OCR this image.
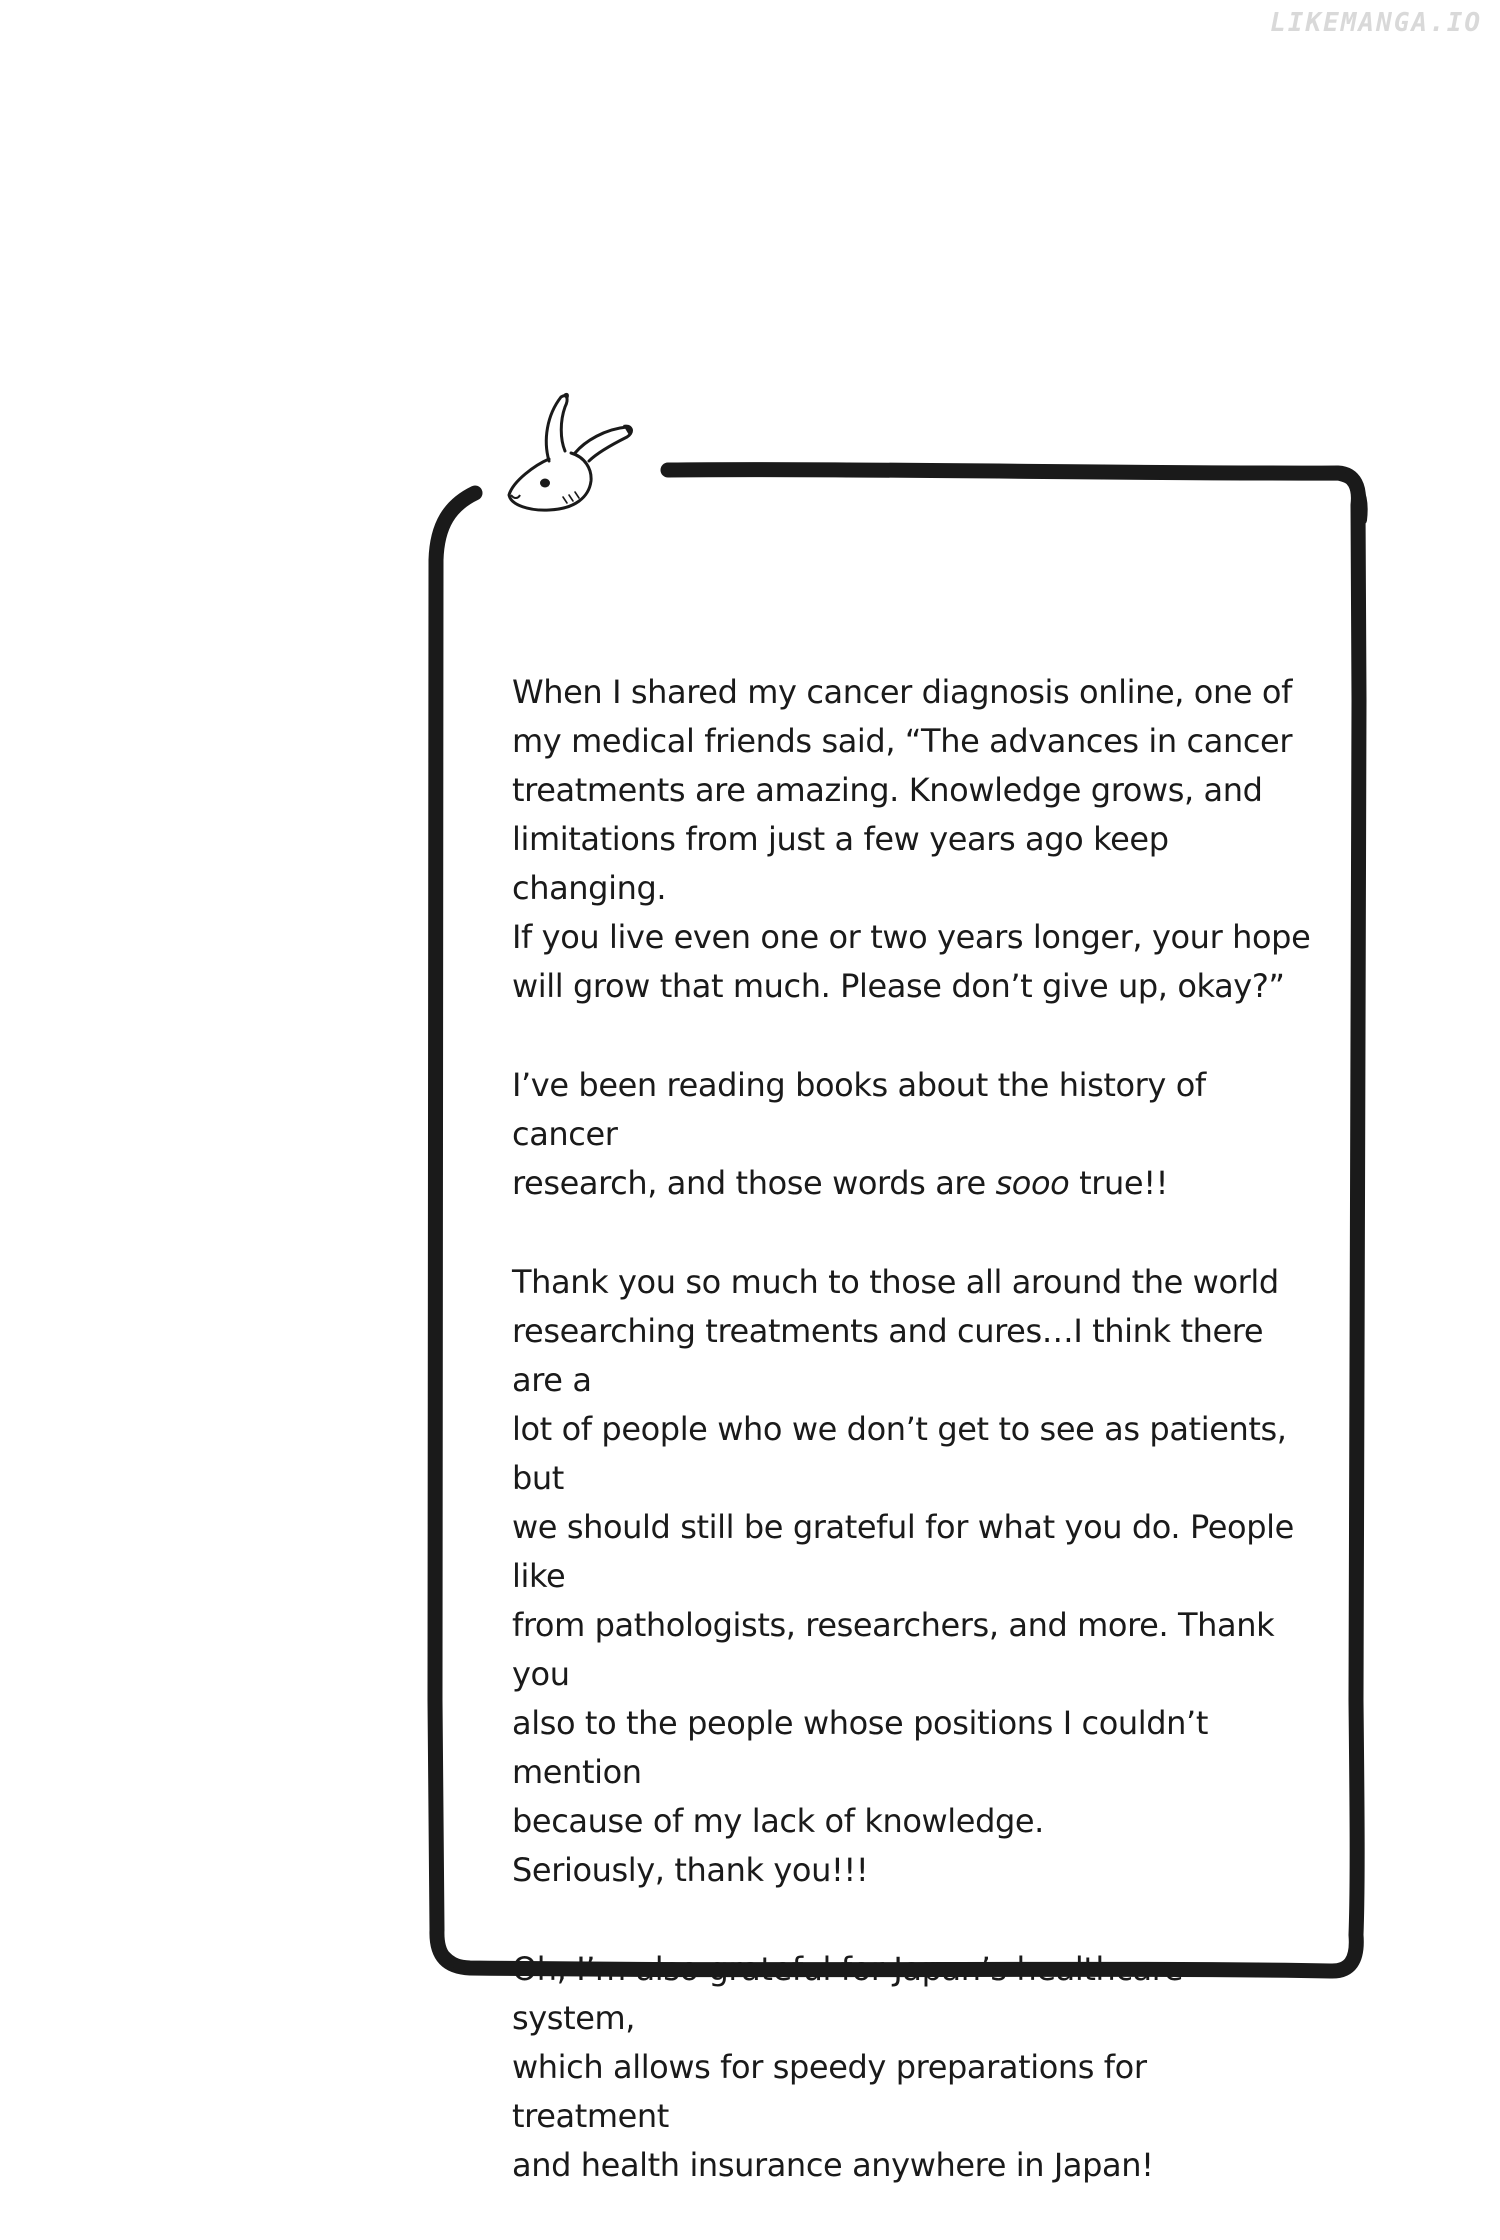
LIKEMANGA.IO

When I shared my cancer diagnosis online, one of
my medical friends said, “The advances in cancer
treatments are amazing. Knowledge grows, and
limitations from just a few years ago keep changing.
If you live even one or two years longer, your hope
will grow that much. Please don’t give up, okay?”

I’ve been reading books about the history of cancer
research, and those words are sooo true!!

Thank you so much to those all around the world
researching treatments and cures…I think there are a
lot of people who we don’t get to see as patients, but
we should still be grateful for what you do. People like
from pathologists, researchers, and more. Thank you
also to the people whose positions I couldn’t mention
because of my lack of knowledge.

Seriously, thank you!!!

Oh, I’m also grateful for Japan’s healthcare system,
which allows for speedy preparations for treatment
and health insurance anywhere in Japan!
